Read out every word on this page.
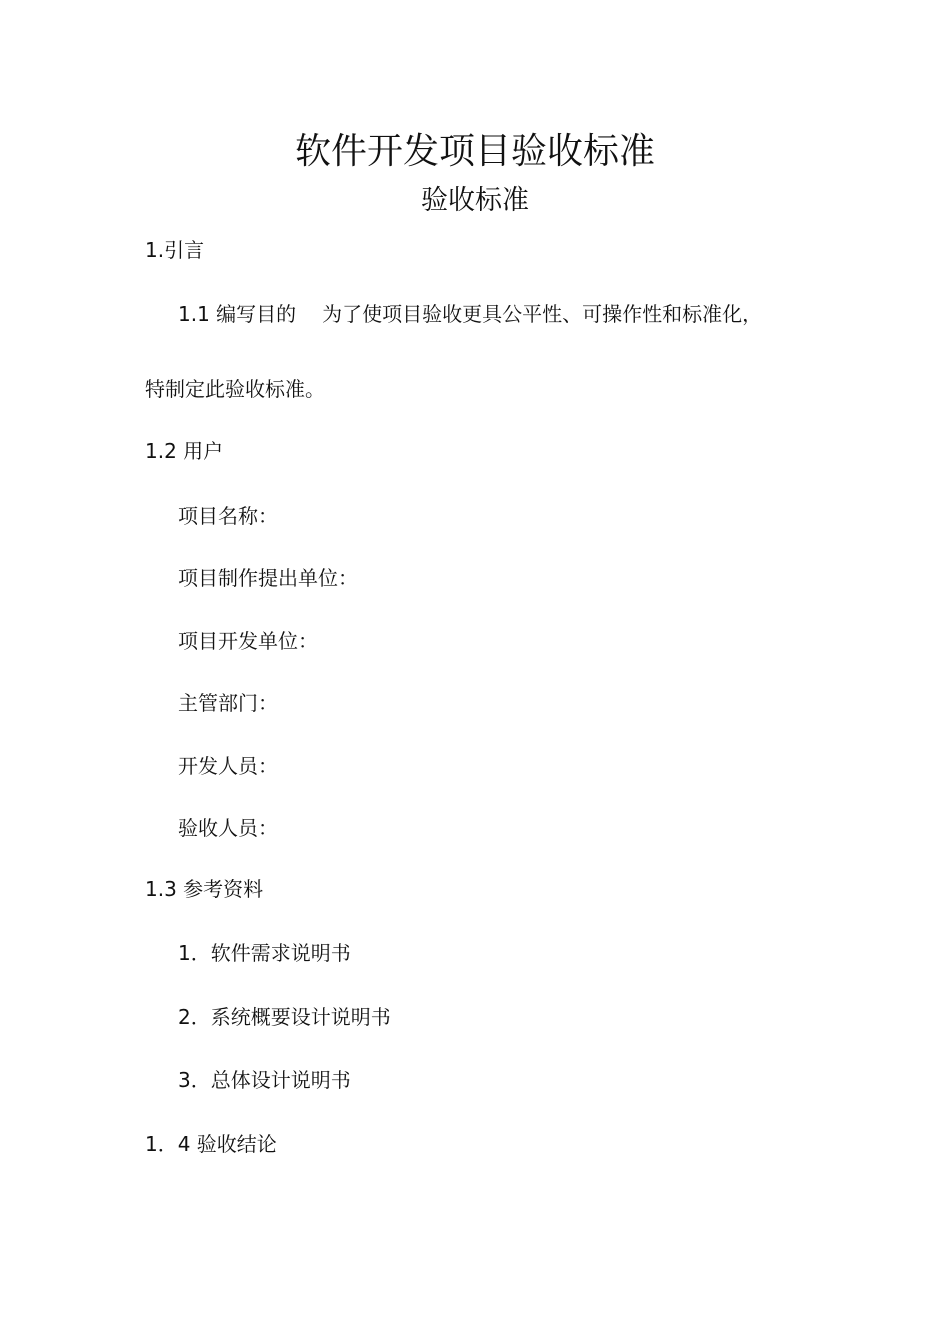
软件开发项目验收标准
验收标准
1.引言
1.1 编写目的 为了使项目验收更具公平性、可操作性和标准化，
特制定此验收标准。
1.2 用户
项目名称：
项目制作提出单位：
项目开发单位：
主管部门：
开发人员：
验收人员：
1.3 参考资料
1．软件需求说明书
2．系统概要设计说明书
3．总体设计说明书
1．4 验收结论
